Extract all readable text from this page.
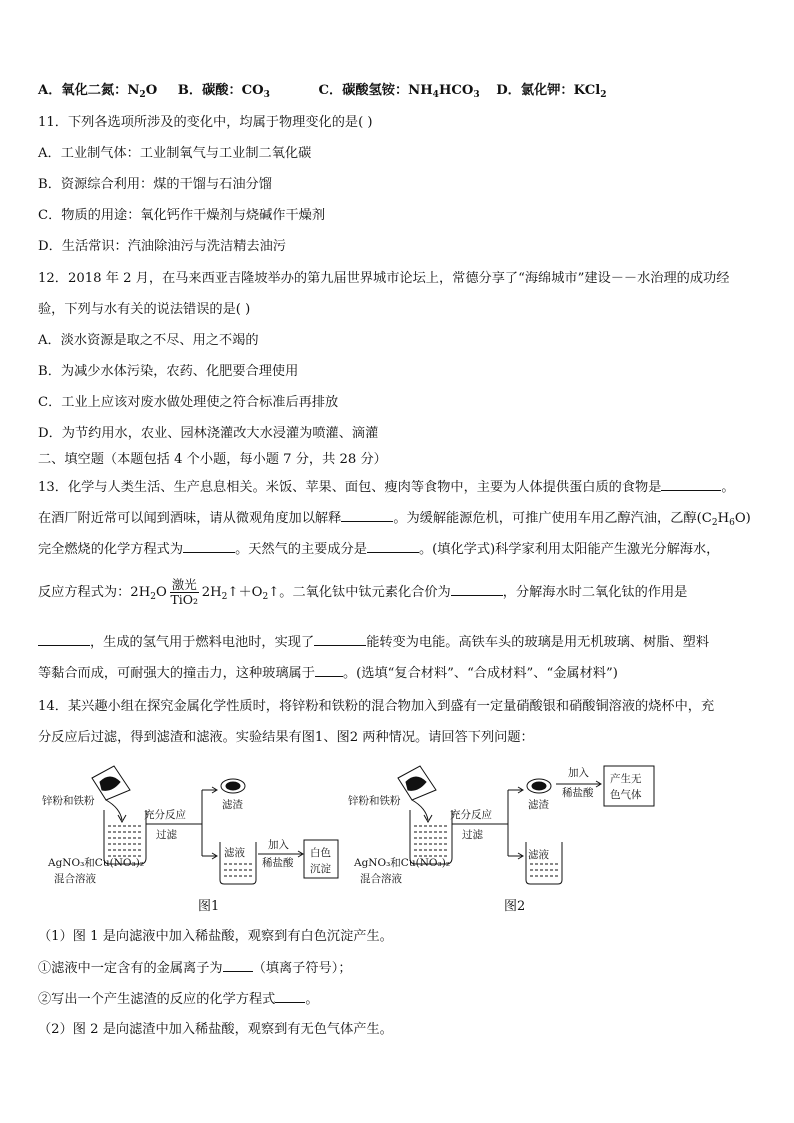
A．氧化二氮：$N_2O$ B．碳酸：$CO_3$	C．碳酸氢铵：$NH_4HCO_3$ D．氯化钾：KCl$_2$
11．下列各选项所涉及的变化中，均属于物理变化的是( )
A．工业制气体：工业制氧气与工业制二氧化碳
B．资源综合利用：煤的干馏与石油分馏
C．物质的用途：氧化钙作干燥剂与烧碱作干燥剂
D．生活常识：汽油除油污与洗洁精去油污
12．2018 年 2 月，在马来西亚吉隆坡举办的第九届世界城市论坛上，常德分享了“海绵城市”建设－－水治理的成功经
验，下列与水有关的说法错误的是( )
A．淡水资源是取之不尽、用之不竭的
B．为减少水体污染，农药、化肥要合理使用
C．工业上应该对废水做处理使之符合标准后再排放
D．为节约用水，农业、园林浇灌改大水浸灌为喷灌、滴灌
二、填空题（本题包括 4 个小题，每小题 7 分，共 28 分）
13．化学与人类生活、生产息息相关。米饭、苹果、面包、瘦肉等食物中，主要为人体提供蛋白质的食物是	。
在酒厂附近常可以闻到酒味，请从微观角度加以解释	。为缓解能源危机，可推广使用车用乙醇汽油，乙醇$(C_2H_6O)$
完全燃烧的化学方程式为	。天然气的主要成分是	。(填化学式)科学家利用太阳能产生激光分解海水，
反应方程式为：$2H_2O \frac{\text{激光}}{\text{TiO₂}}$ $2H_2↑+O_2↑$。二氧化钛中钛元素化合价为	，分解海水时二氧化钛的作用是
，生成的氢气用于燃料电池时，实现了	能转变为电能。高铁车头的玻璃是用无机玻璃、树脂、塑料
等黏合而成，可耐强大的撞击力，这种玻璃属于 。(选填“复合材料”、“合成材料”、“金属材料”)
14．某兴趣小组在探究金属化学性质时，将锌粉和铁粉的混合物加入到盛有一定量硝酸银和硝酸铜溶液的烧杯中，充
分反应后过滤，得到滤渣和滤液。实验结果有图1、图2 两种情况。请回答下列问题：
锌粉和铁粉
充分反应
过滤
滤渣
滤液
加入
稀盐酸
白色
沉淀
AgNO₃和Cu(NO₃)₂
混合溶液
图1
锌粉和铁粉
充分反应
过滤
滤渣
滤液
加入
稀盐酸
产生无
色气体
AgNO₃和Cu(NO₃)₂
混合溶液
图2
（1）图 1 是向滤液中加入稀盐酸，观察到有白色沉淀产生。
①滤液中一定含有的金属离子为 （填离子符号）；
②写出一个产生滤渣的反应的化学方程式 。
（2）图 2 是向滤渣中加入稀盐酸，观察到有无色气体产生。
